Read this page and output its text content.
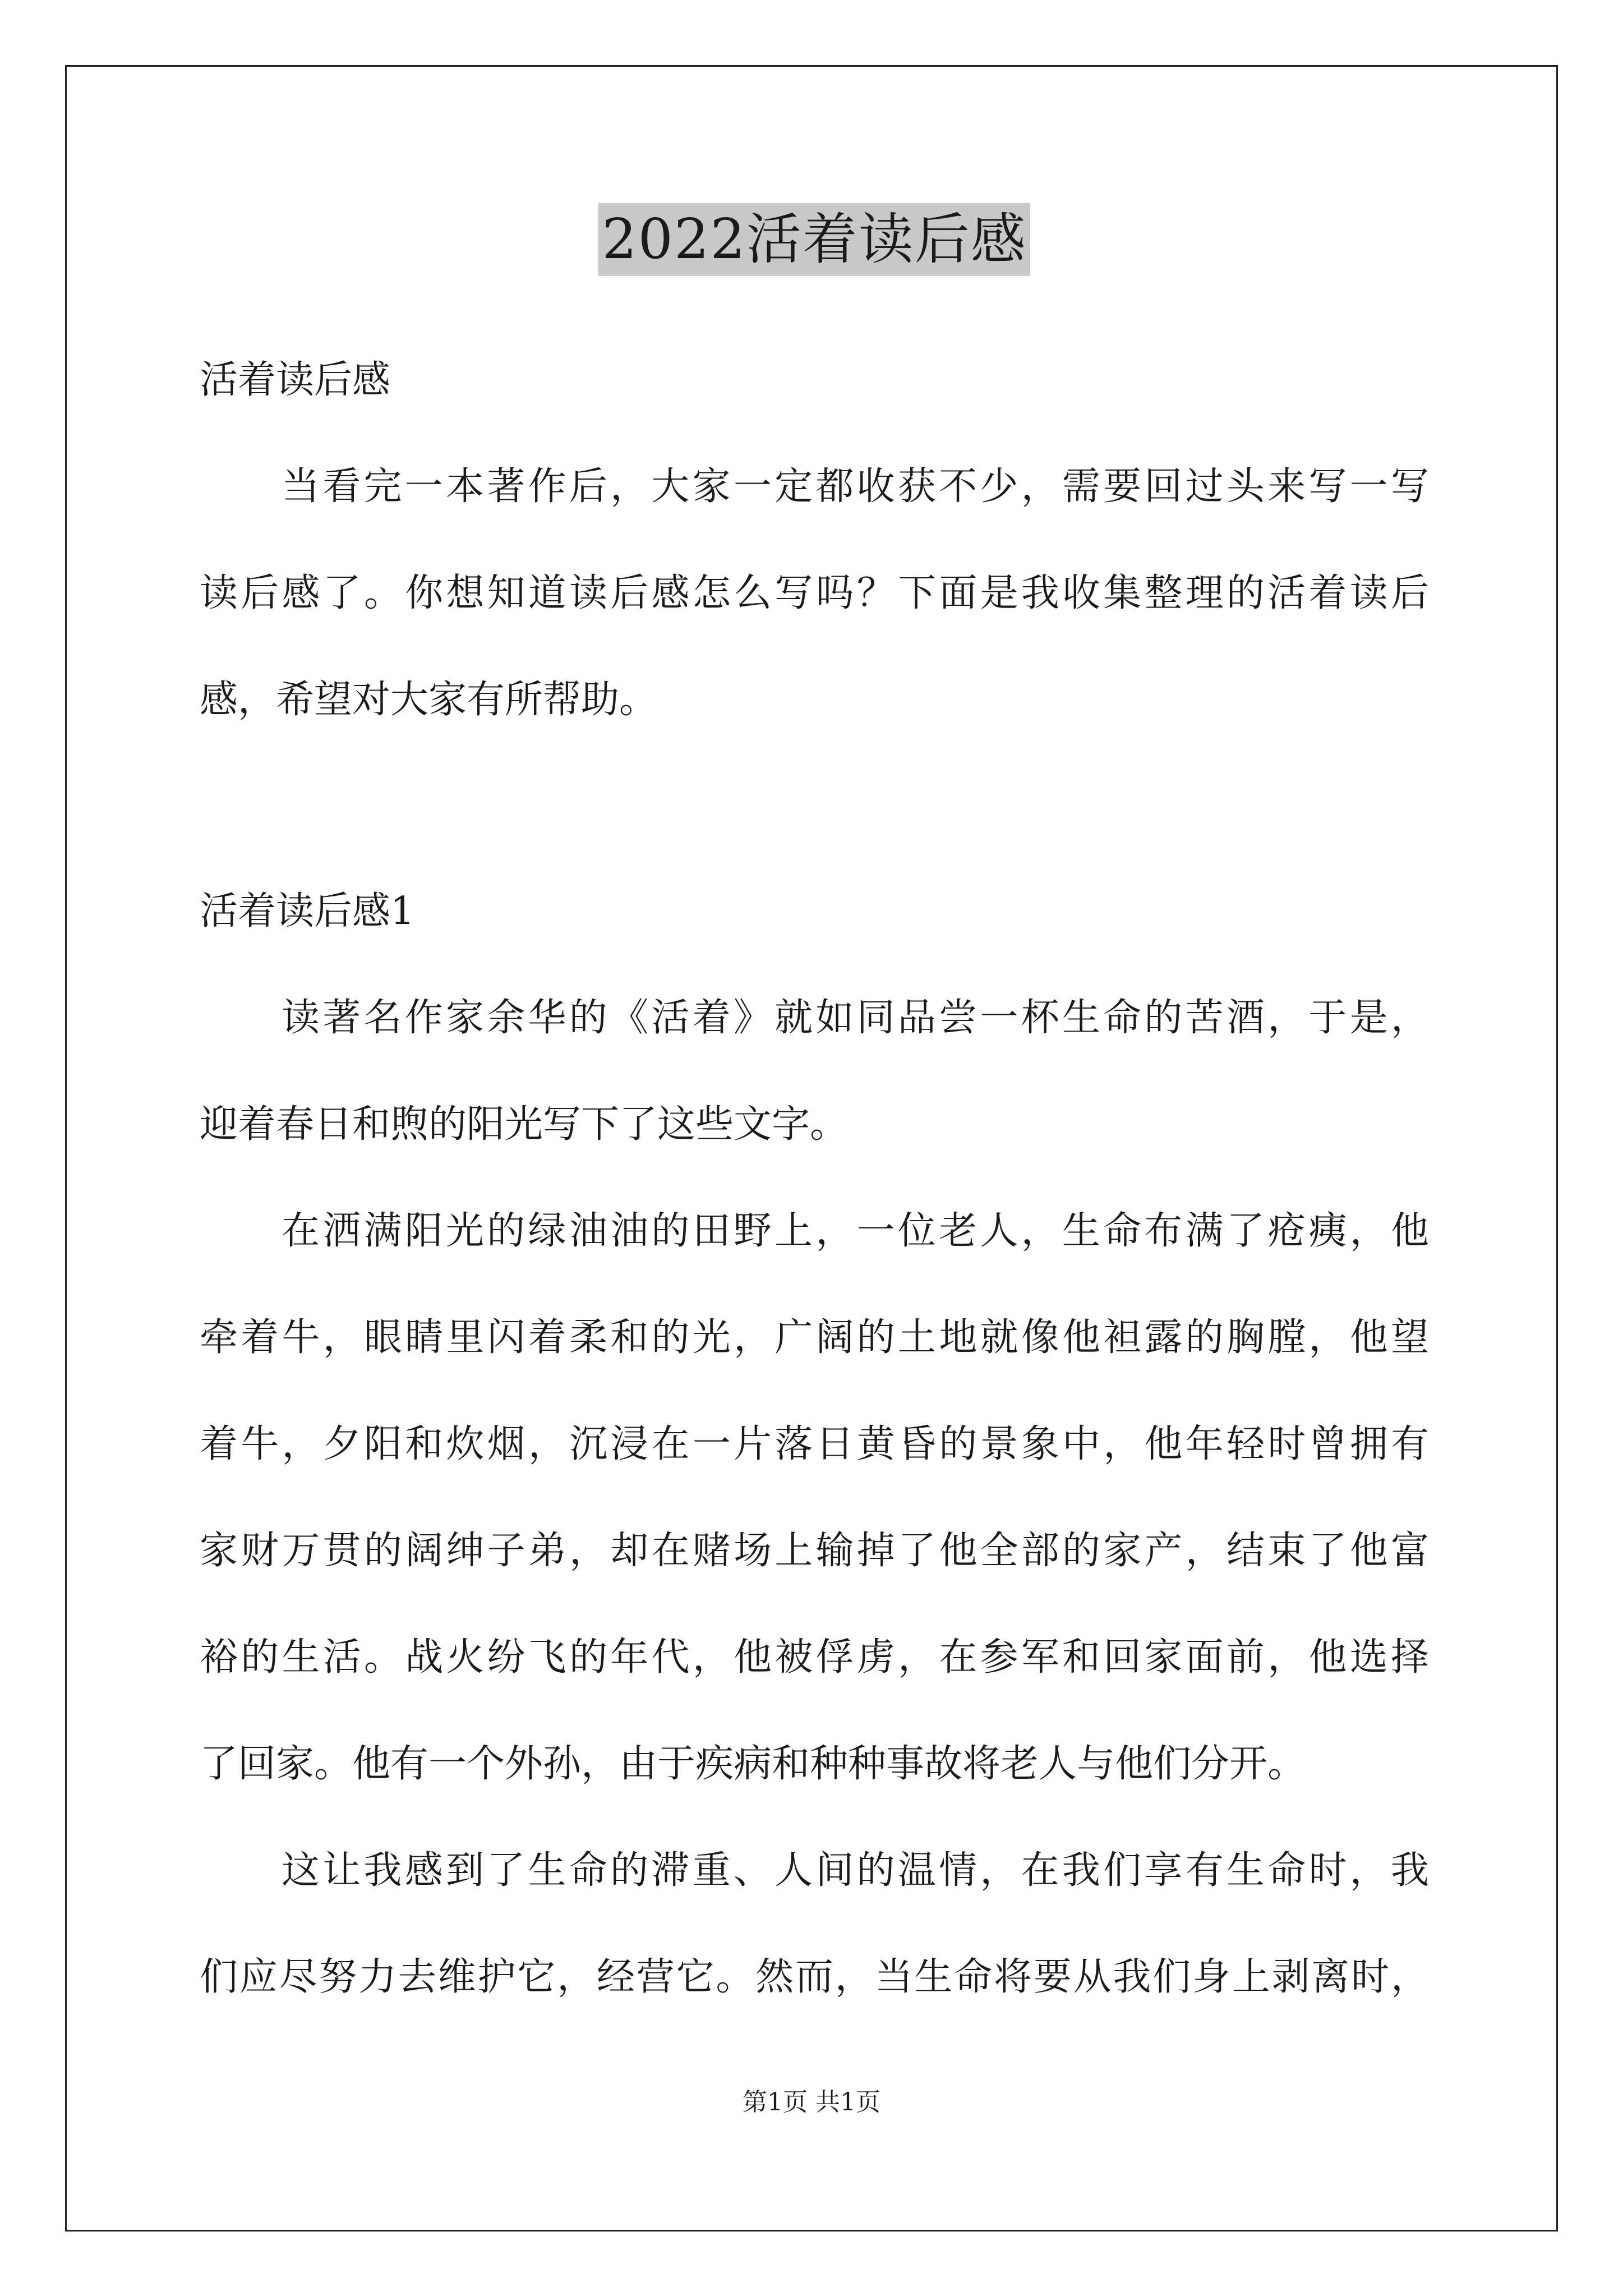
2022活着读后感
活着读后感
当看完一本著作后，大家一定都收获不少，需要回过头来写一写
读后感了。你想知道读后感怎么写吗？下面是我收集整理的活着读后
感，希望对大家有所帮助。
活着读后感1
读著名作家余华的《活着》就如同品尝一杯生命的苦酒，于是，
迎着春日和煦的阳光写下了这些文字。
在洒满阳光的绿油油的田野上，一位老人，生命布满了疮痍，他
牵着牛，眼睛里闪着柔和的光，广阔的土地就像他袒露的胸膛，他望
着牛，夕阳和炊烟，沉浸在一片落日黄昏的景象中，他年轻时曾拥有
家财万贯的阔绅子弟，却在赌场上输掉了他全部的家产，结束了他富
裕的生活。战火纷飞的年代，他被俘虏，在参军和回家面前，他选择
了回家。他有一个外孙，由于疾病和种种事故将老人与他们分开。
这让我感到了生命的滞重、人间的温情，在我们享有生命时，我
们应尽努力去维护它，经营它。然而，当生命将要从我们身上剥离时，
第1页 共1页
